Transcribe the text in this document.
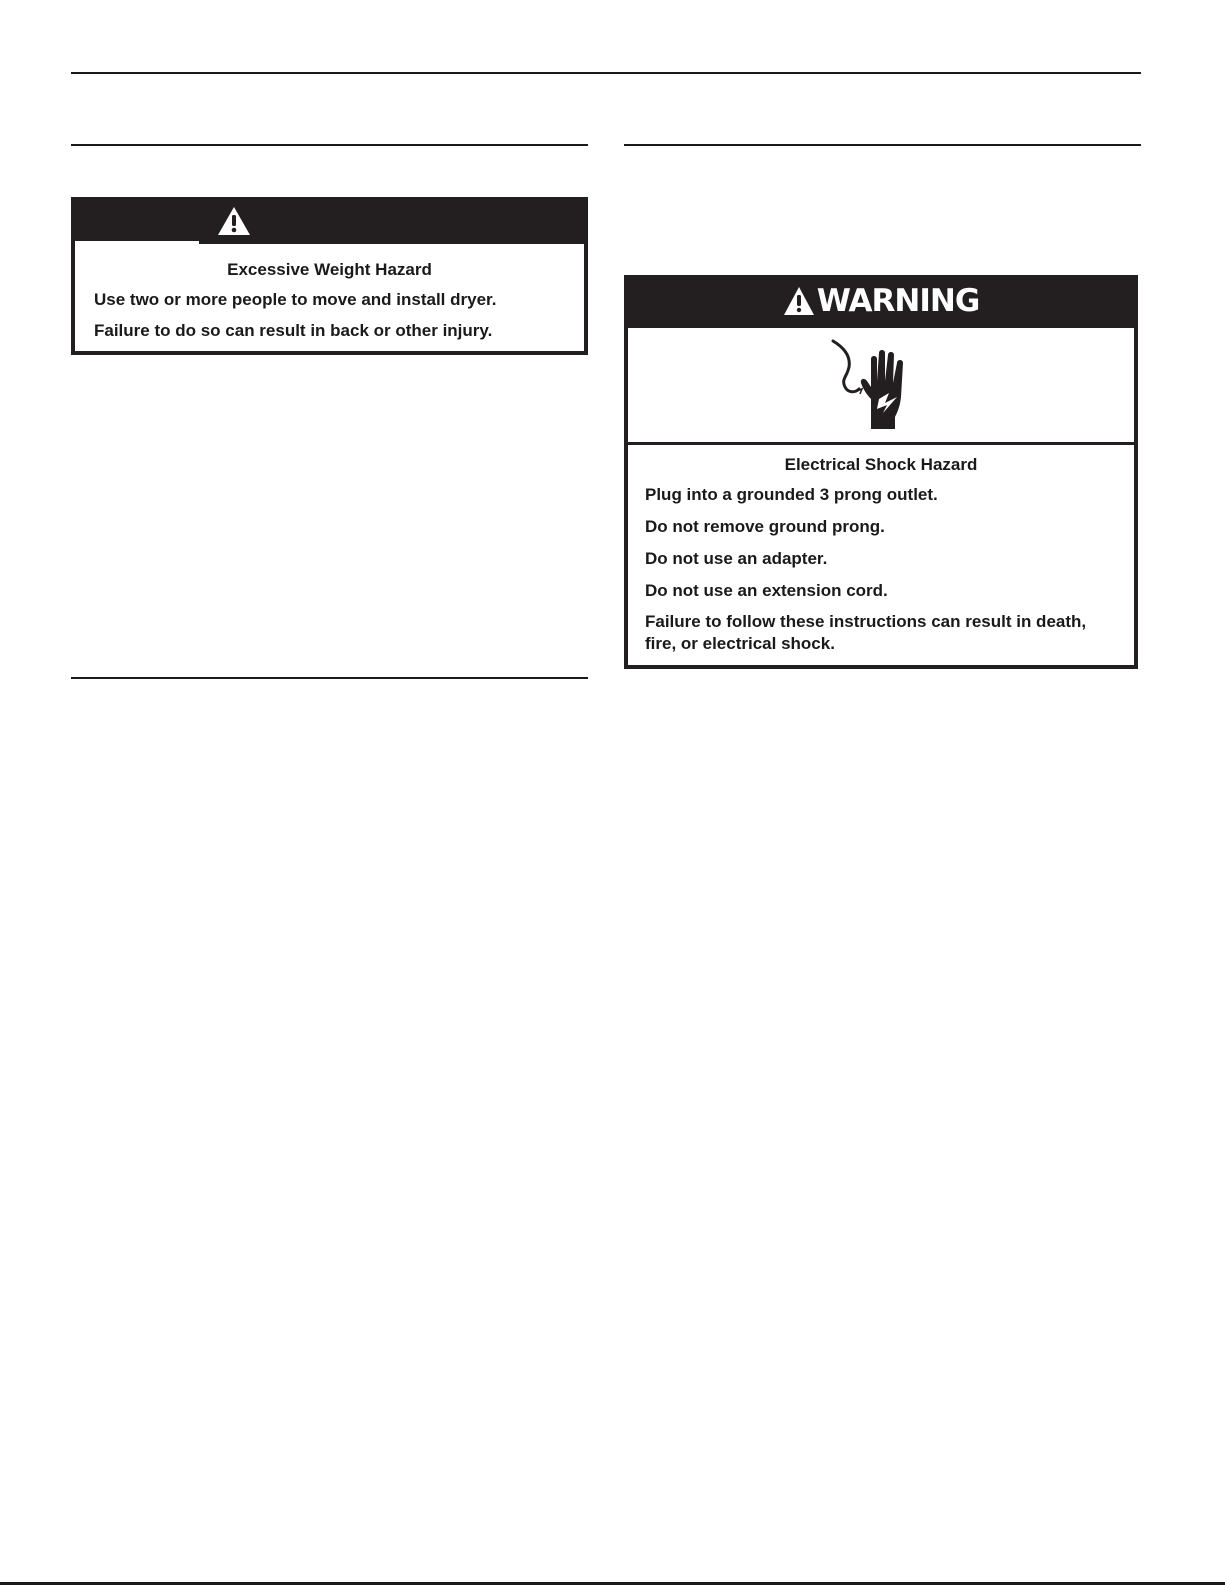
Excessive Weight Hazard
Use two or more people to move and install dryer.
Failure to do so can result in back or other injury.
WARNING
Electrical Shock Hazard
Plug into a grounded 3 prong outlet.
Do not remove ground prong.
Do not use an adapter.
Do not use an extension cord.
Failure to follow these instructions can result in death, fire, or electrical shock.
